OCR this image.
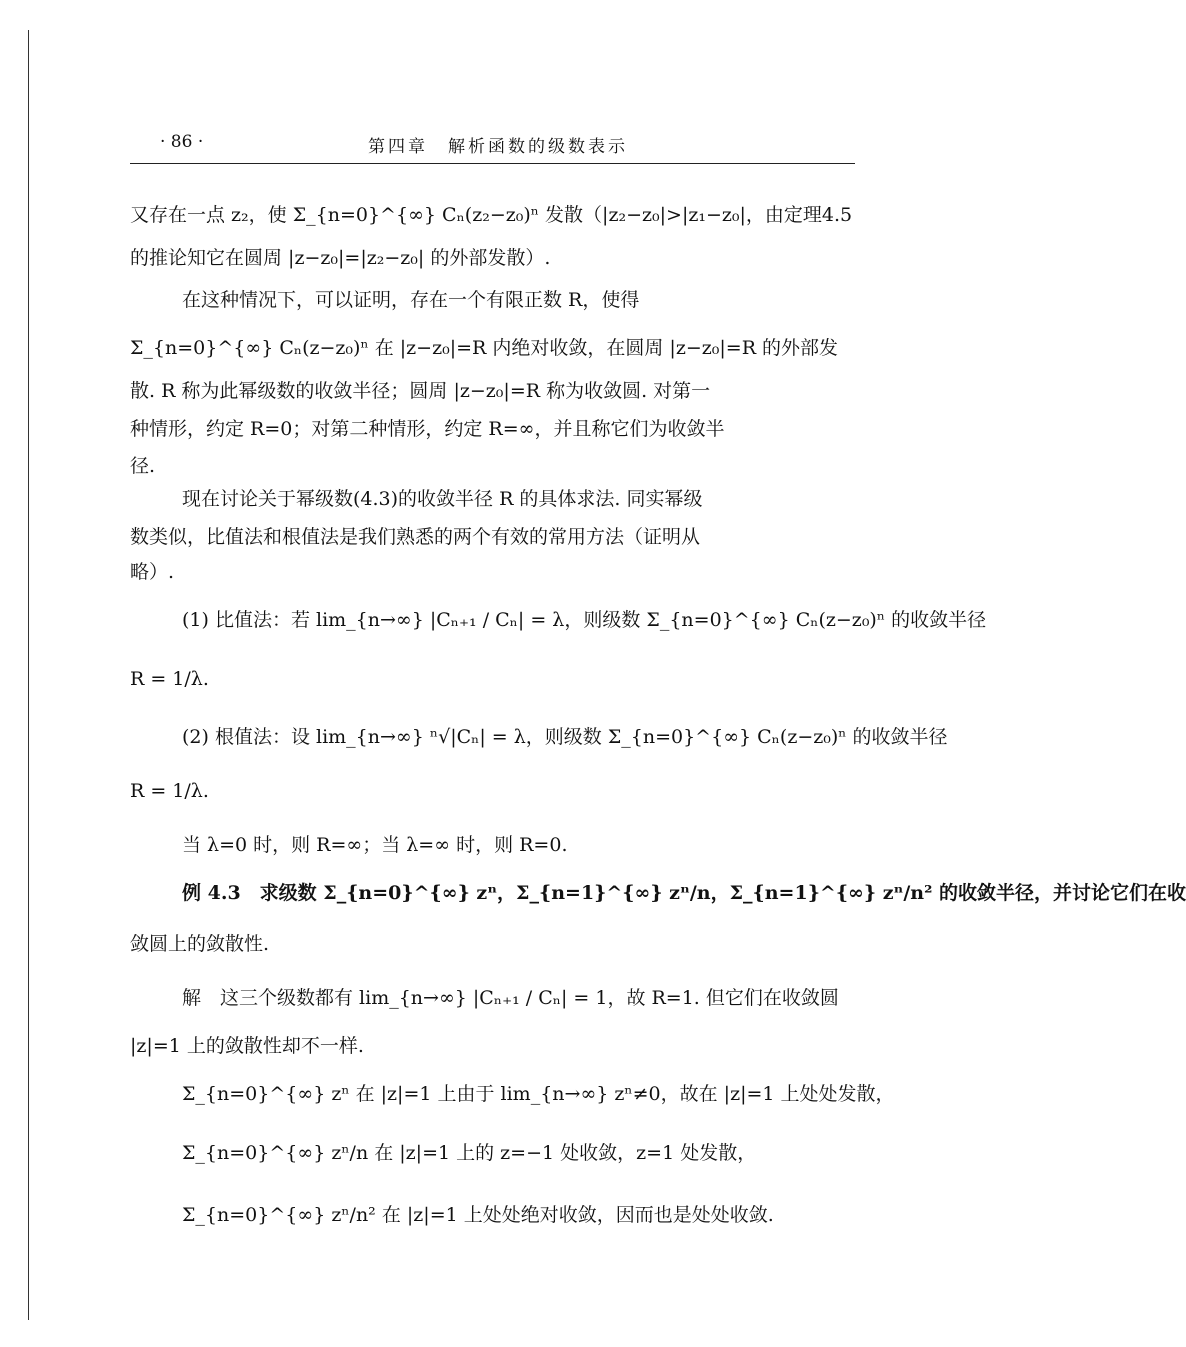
· 86 ·	第四章　解析函数的级数表示
又存在一点 z₂，使 Σ_{n=0}^{∞} Cₙ(z₂−z₀)ⁿ 发散（|z₂−z₀|>|z₁−z₀|，由定理4.5
的推论知它在圆周 |z−z₀|=|z₂−z₀| 的外部发散）.
在这种情况下，可以证明，存在一个有限正数 R，使得
Σ_{n=0}^{∞} Cₙ(z−z₀)ⁿ 在 |z−z₀|=R 内绝对收敛，在圆周 |z−z₀|=R 的外部发
散. R 称为此幂级数的收敛半径；圆周 |z−z₀|=R 称为收敛圆. 对第一
种情形，约定 R=0；对第二种情形，约定 R=∞，并且称它们为收敛半
径.
现在讨论关于幂级数(4.3)的收敛半径 R 的具体求法. 同实幂级
数类似，比值法和根值法是我们熟悉的两个有效的常用方法（证明从
略）.
(1) 比值法：若 lim_{n→∞} |Cₙ₊₁ / Cₙ| = λ，则级数 Σ_{n=0}^{∞} Cₙ(z−z₀)ⁿ 的收敛半径
R = 1/λ.
(2) 根值法：设 lim_{n→∞} ⁿ√|Cₙ| = λ，则级数 Σ_{n=0}^{∞} Cₙ(z−z₀)ⁿ 的收敛半径
R = 1/λ.
当 λ=0 时，则 R=∞；当 λ=∞ 时，则 R=0.
例 4.3　求级数 Σ_{n=0}^{∞} zⁿ，Σ_{n=1}^{∞} zⁿ/n，Σ_{n=1}^{∞} zⁿ/n² 的收敛半径，并讨论它们在收
敛圆上的敛散性.
解　这三个级数都有 lim_{n→∞} |Cₙ₊₁ / Cₙ| = 1，故 R=1. 但它们在收敛圆
|z|=1 上的敛散性却不一样.
Σ_{n=0}^{∞} zⁿ 在 |z|=1 上由于 lim_{n→∞} zⁿ≠0，故在 |z|=1 上处处发散，
Σ_{n=0}^{∞} zⁿ/n 在 |z|=1 上的 z=−1 处收敛，z=1 处发散，
Σ_{n=0}^{∞} zⁿ/n² 在 |z|=1 上处处绝对收敛，因而也是处处收敛.
